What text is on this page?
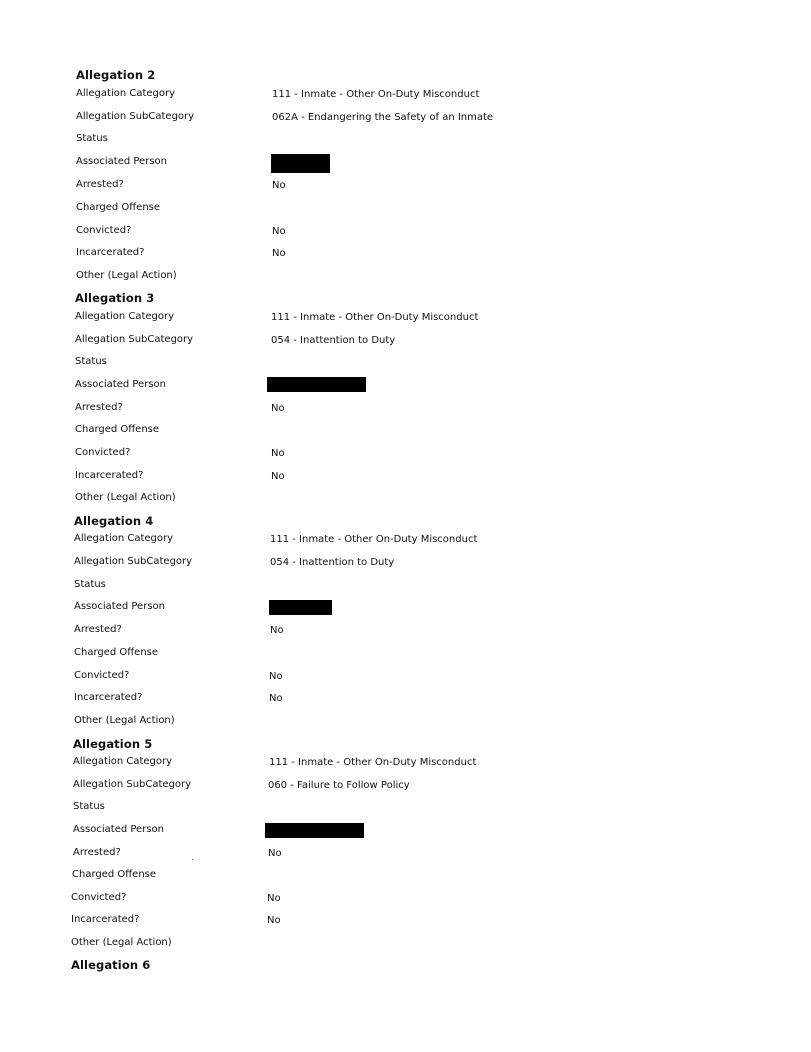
Allegation 2
Allegation Category	111 - Inmate - Other On-Duty Misconduct
Allegation SubCategory	062A - Endangering the Safety of an Inmate
Status
Associated Person
Arrested?	No
Charged Offense
Convicted?	No
Incarcerated?	No
Other (Legal Action)
Allegation 3
Allegation Category	111 - Inmate - Other On-Duty Misconduct
Allegation SubCategory	054 - Inattention to Duty
Status
Associated Person
Arrested?	No
Charged Offense
Convicted?	No
Incarcerated?	No
Other (Legal Action)
Allegation 4
Allegation Category	111 - Inmate - Other On-Duty Misconduct
Allegation SubCategory	054 - Inattention to Duty
Status
Associated Person
Arrested?	No
Charged Offense
Convicted?	No
Incarcerated?	No
Other (Legal Action)
Allegation 5
Allegation Category	111 - Inmate - Other On-Duty Misconduct
Allegation SubCategory	060 - Failure to Follow Policy
Status
Associated Person
Arrested?	No
Charged Offense
Convicted?	No
Incarcerated?	No
Other (Legal Action)
Allegation 6
